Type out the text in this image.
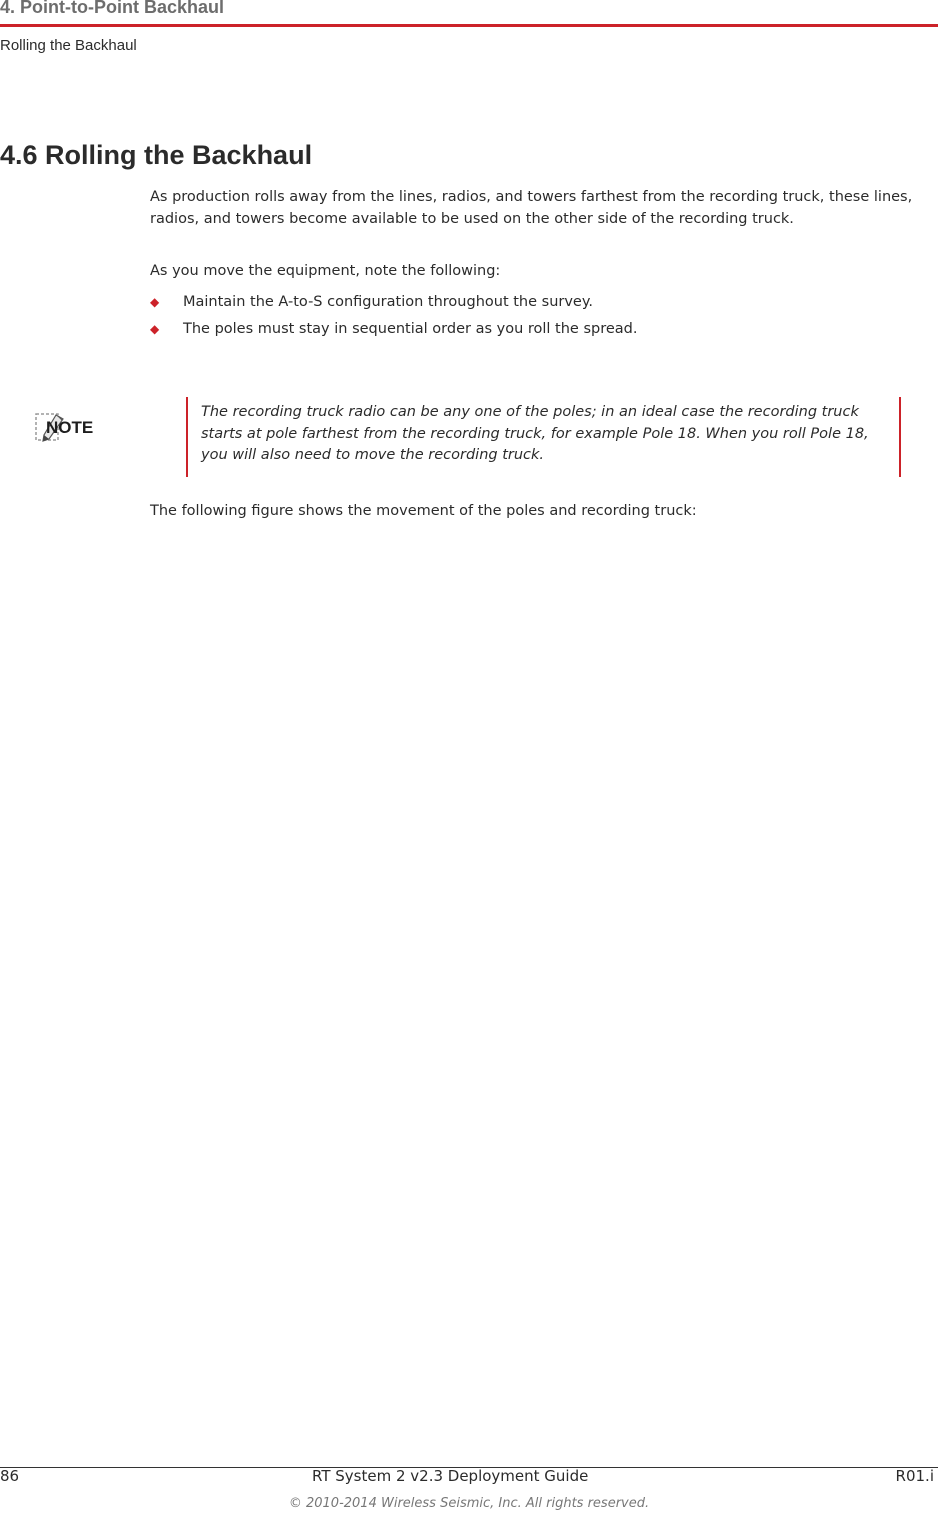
4. Point-to-Point Backhaul
Rolling the Backhaul
4.6 Rolling the Backhaul

As production rolls away from the lines, radios, and towers farthest from the recording truck, these lines, radios, and towers become available to be used on the other side of the recording truck.

As you move the equipment, note the following:

◆ Maintain the A-to-S configuration throughout the survey.
◆ The poles must stay in sequential order as you roll the spread.
NOTE

The recording truck radio can be any one of the poles; in an ideal case the recording truck starts at pole farthest from the recording truck, for example Pole 18. When you roll Pole 18, you will also need to move the recording truck.

The following figure shows the movement of the poles and recording truck:

86	RT System 2 v2.3 Deployment Guide	R01.i
© 2010-2014 Wireless Seismic, Inc. All rights reserved.
